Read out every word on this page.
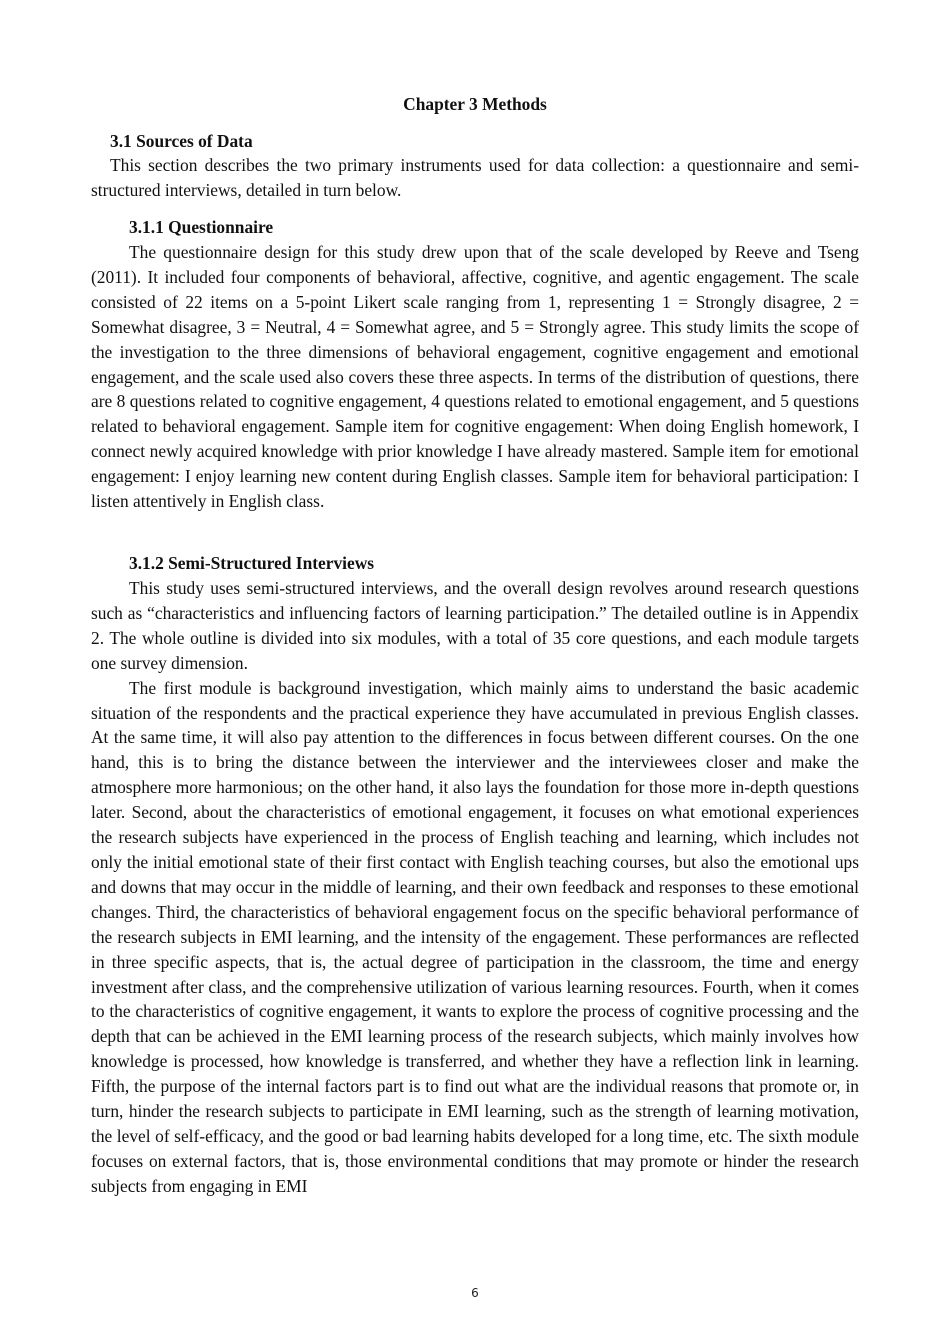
Chapter 3 Methods
3.1 Sources of Data

This section describes the two primary instruments used for data collection: a questionnaire and semi-structured interviews, detailed in turn below.

3.1.1 Questionnaire

The questionnaire design for this study drew upon that of the scale developed by Reeve and Tseng (2011). It included four components of behavioral, affective, cognitive, and agentic engagement. The scale consisted of 22 items on a 5-point Likert scale ranging from 1, representing 1 = Strongly disagree, 2 = Somewhat disagree, 3 = Neutral, 4 = Somewhat agree, and 5 = Strongly agree. This study limits the scope of the investigation to the three dimensions of behavioral engagement, cognitive engagement and emotional engagement, and the scale used also covers these three aspects. In terms of the distribution of questions, there are 8 questions related to cognitive engagement, 4 questions related to emotional engagement, and 5 questions related to behavioral engagement. Sample item for cognitive engagement: When doing English homework, I connect newly acquired knowledge with prior knowledge I have already mastered. Sample item for emotional engagement: I enjoy learning new content during English classes. Sample item for behavioral participation: I listen attentively in English class.

3.1.2 Semi-Structured Interviews

This study uses semi-structured interviews, and the overall design revolves around research questions such as “characteristics and influencing factors of learning participation.” The detailed outline is in Appendix 2. The whole outline is divided into six modules, with a total of 35 core questions, and each module targets one survey dimension.

The first module is background investigation, which mainly aims to understand the basic academic situation of the respondents and the practical experience they have accumulated in previous English classes. At the same time, it will also pay attention to the differences in focus between different courses. On the one hand, this is to bring the distance between the interviewer and the interviewees closer and make the atmosphere more harmonious; on the other hand, it also lays the foundation for those more in-depth questions later. Second, about the characteristics of emotional engagement, it focuses on what emotional experiences the research subjects have experienced in the process of English teaching and learning, which includes not only the initial emotional state of their first contact with English teaching courses, but also the emotional ups and downs that may occur in the middle of learning, and their own feedback and responses to these emotional changes. Third, the characteristics of behavioral engagement focus on the specific behavioral performance of the research subjects in EMI learning, and the intensity of the engagement. These performances are reflected in three specific aspects, that is, the actual degree of participation in the classroom, the time and energy investment after class, and the comprehensive utilization of various learning resources. Fourth, when it comes to the characteristics of cognitive engagement, it wants to explore the process of cognitive processing and the depth that can be achieved in the EMI learning process of the research subjects, which mainly involves how knowledge is processed, how knowledge is transferred, and whether they have a reflection link in learning. Fifth, the purpose of the internal factors part is to find out what are the individual reasons that promote or, in turn, hinder the research subjects to participate in EMI learning, such as the strength of learning motivation, the level of self-efficacy, and the good or bad learning habits developed for a long time, etc. The sixth module focuses on external factors, that is, those environmental conditions that may promote or hinder the research subjects from engaging in EMI

6
